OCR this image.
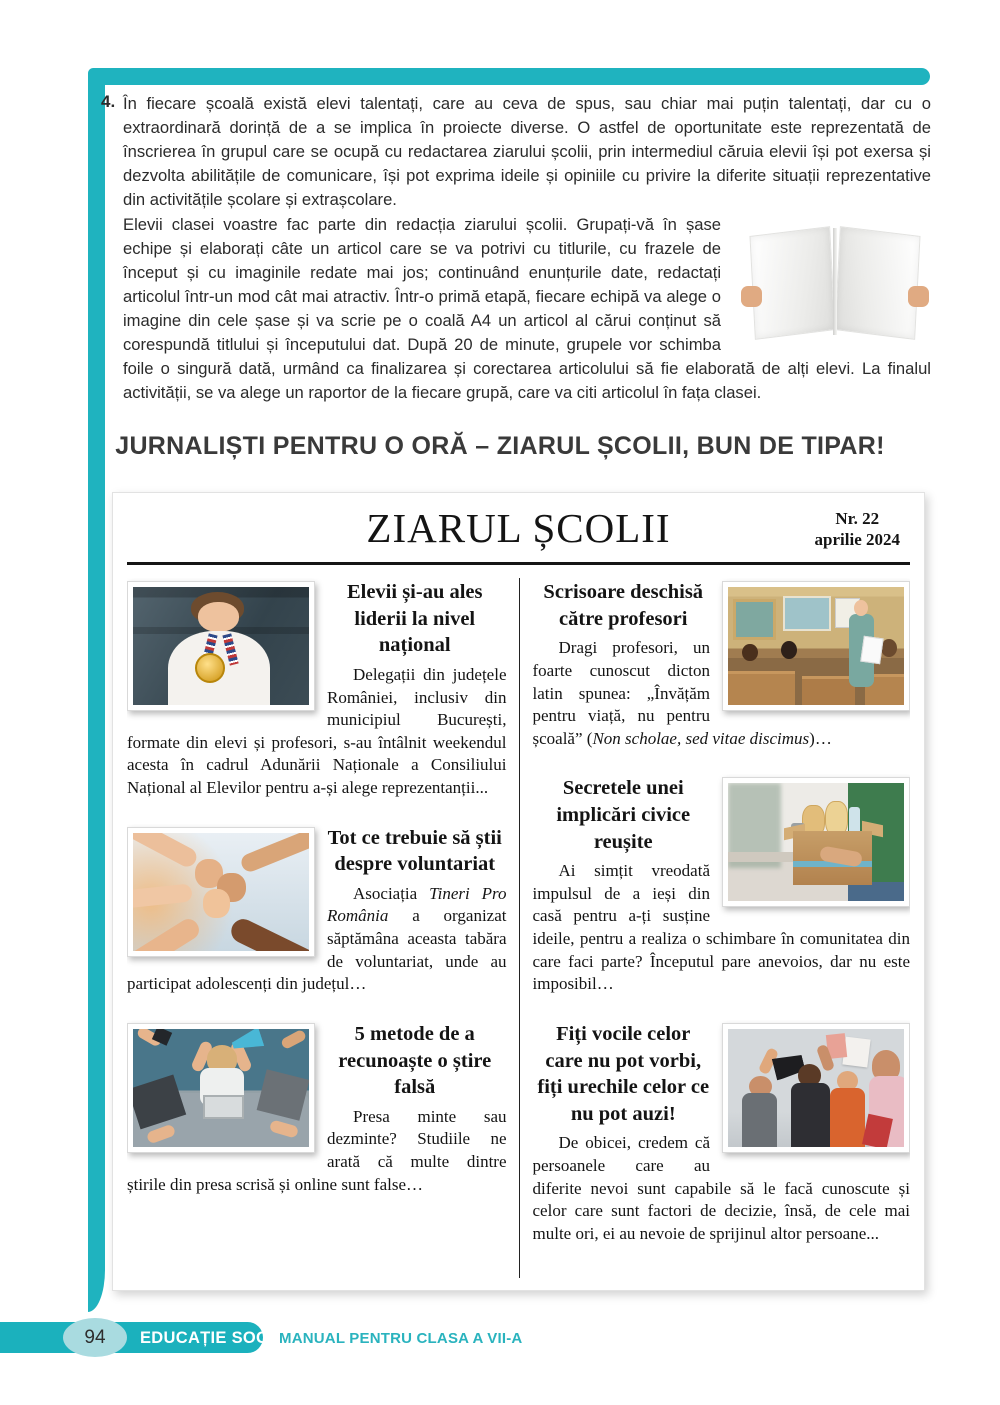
4. În fiecare școală există elevi talentați, care au ceva de spus, sau chiar mai puțin talentați, dar cu o extraordinară dorință de a se implica în proiecte diverse. O astfel de oportunitate este reprezentată de înscrierea în grupul care se ocupă cu redactarea ziarului școlii, prin intermediul căruia elevii își pot exersa și dezvolta abilitățile de comunicare, își pot exprima ideile și opiniile cu privire la diferite situații reprezentative din activitățile școlare și extrașcolare.
Elevii clasei voastre fac parte din redacția ziarului școlii. Grupați-vă în șase echipe și elaborați câte un articol care se va potrivi cu titlurile, cu frazele de început și cu imaginile redate mai jos; continuând enunțurile date, redactați articolul într-un mod cât mai atractiv. Într-o primă etapă, fiecare echipă va alege o imagine din cele șase și va scrie pe o coală A4 un articol al cărui conținut să corespundă titlului și începutului dat. După 20 de minute, grupele vor schimba foile o singură dată, urmând ca finalizarea și corectarea articolului să fie elaborată de alți elevi. La finalul activității, se va alege un raportor de la fiecare grupă, care va citi articolul în fața clasei.
JURNALIȘTI PENTRU O ORĂ – ZIARUL ȘCOLII, BUN DE TIPAR!
ZIARUL ȘCOLII	Nr. 22
aprilie 2024
Elevii și-au ales liderii la nivel național

Delegații din județele României, inclusiv din municipiul București, formate din elevi și profesori, s-au întâlnit weekendul acesta în cadrul Adunării Naționale a Consiliului Național al Elevilor pentru a-și alege reprezentanții...

Tot ce trebuie să știi despre voluntariat

Asociația Tineri Pro România a organizat săptămâna aceasta tabăra de voluntariat, unde au participat adolescenți din județul…

5 metode de a recunoaște o știre falsă

Presa minte sau dezminte? Studiile ne arată că multe dintre știrile din presa scrisă și online sunt false…

Scrisoare deschisă către profesori

Dragi profesori, un foarte cunoscut dicton latin spunea: „Învățăm pentru viață, nu pentru școală” (Non scholae, sed vitae discimus)…

Secretele unei implicări civice reușite

Ai simțit vreodată impulsul de a ieși din casă pentru a-ți susține ideile, pentru a realiza o schimbare în comunitatea din care faci parte? Începutul pare anevoios, dar nu este imposibil…

Fiți vocile celor care nu pot vorbi, fiți urechile celor ce nu pot auzi!

De obicei, credem că persoanele care au diferite nevoi sunt capabile să le facă cunoscute și celor care sunt factori de decizie, însă, de cele mai multe ori, ei au nevoie de sprijinul altor persoane...

94	EDUCAȚIE SOCIALĂ
MANUAL PENTRU CLASA A VII-A
